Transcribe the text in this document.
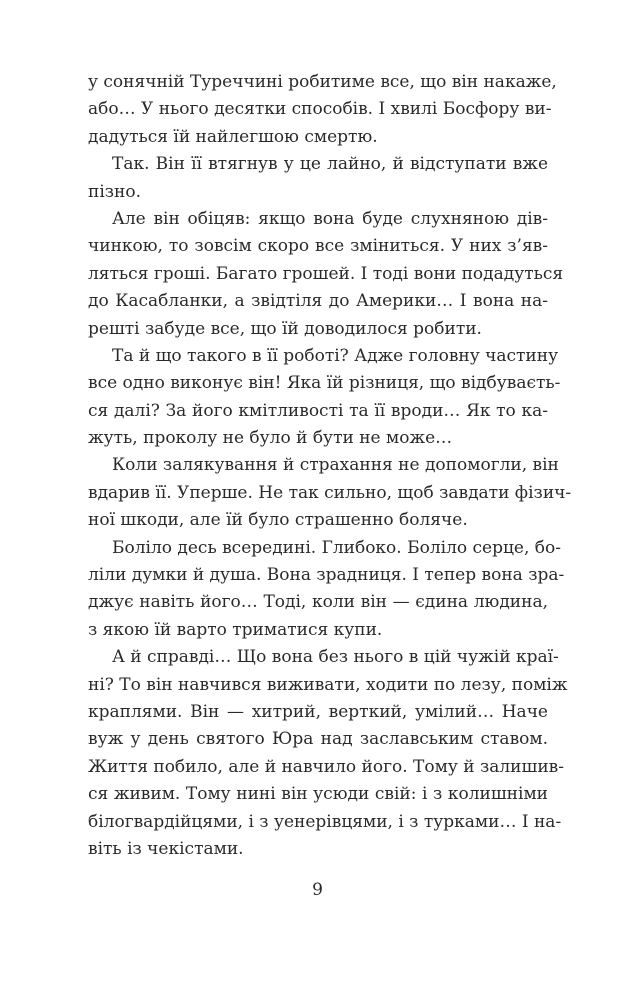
у сонячній Туреччині робитиме все, що він накаже,
або… У нього десятки способів. І хвилі Босфору ви-
дадуться їй найлегшою смертю.
Так. Він її втягнув у це лайно, й відступати вже
пізно.
Але він обіцяв: якщо вона буде слухняною дів-
чинкою, то зовсім скоро все зміниться. У них з’яв-
ляться гроші. Багато грошей. І тоді вони подадуться
до Касабланки, а звідтіля до Америки… І вона на-
решті забуде все, що їй доводилося робити.
Та й що такого в її роботі? Адже головну частину
все одно виконує він! Яка їй різниця, що відбуваєть-
ся далі? За його кмітливості та її вроди… Як то ка-
жуть, проколу не було й бути не може…
Коли залякування й страхання не допомогли, він
вдарив її. Уперше. Не так сильно, щоб завдати фізич-
ної шкоди, але їй було страшенно боляче.
Боліло десь всередині. Глибоко. Боліло серце, бо-
ліли думки й душа. Вона зрадниця. І тепер вона зра-
джує навіть його… Тоді, коли він — єдина людина,
з якою їй варто триматися купи.
А й справді… Що вона без нього в цій чужій краї-
ні? То він навчився виживати, ходити по лезу, поміж
краплями. Він — хитрий, верткий, умілий… Наче
вуж у день святого Юра над заславським ставом.
Життя побило, але й навчило його. Тому й залишив-
ся живим. Тому нині він усюди свій: і з колишніми
білогвардійцями, і з уенерівцями, і з турками… І на-
віть із чекістами.
9
